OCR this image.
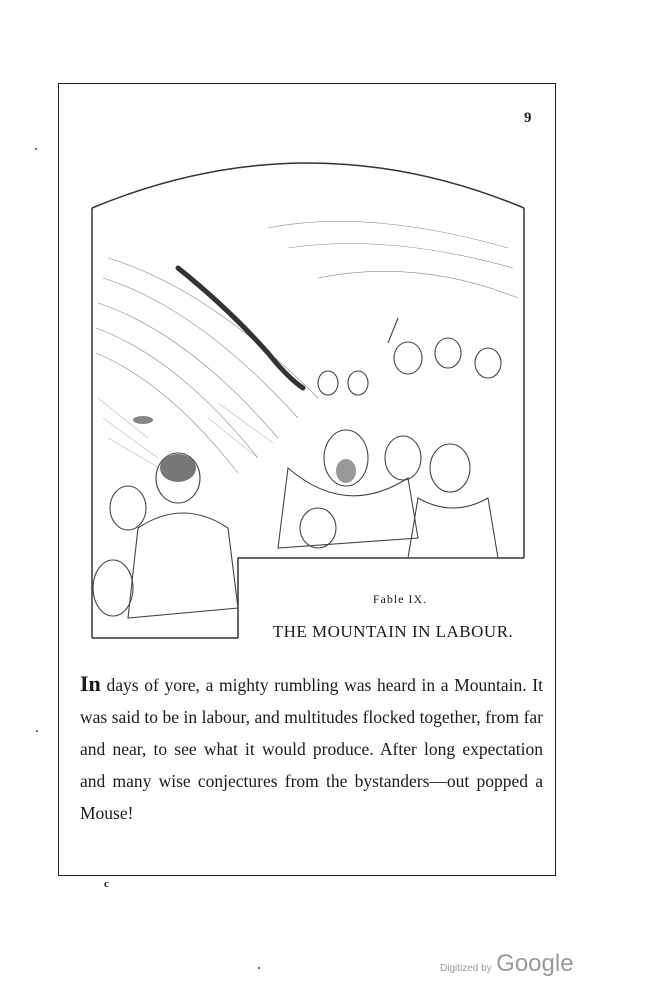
9
Fable IX.
THE MOUNTAIN IN LABOUR.
In days of yore, a mighty rumbling was heard in a Mountain. It was said to be in labour, and multitudes flocked together, from far and near, to see what it would produce. After long expectation and many wise conjectures from the bystanders—out popped a Mouse!
c
Digitized by Google
